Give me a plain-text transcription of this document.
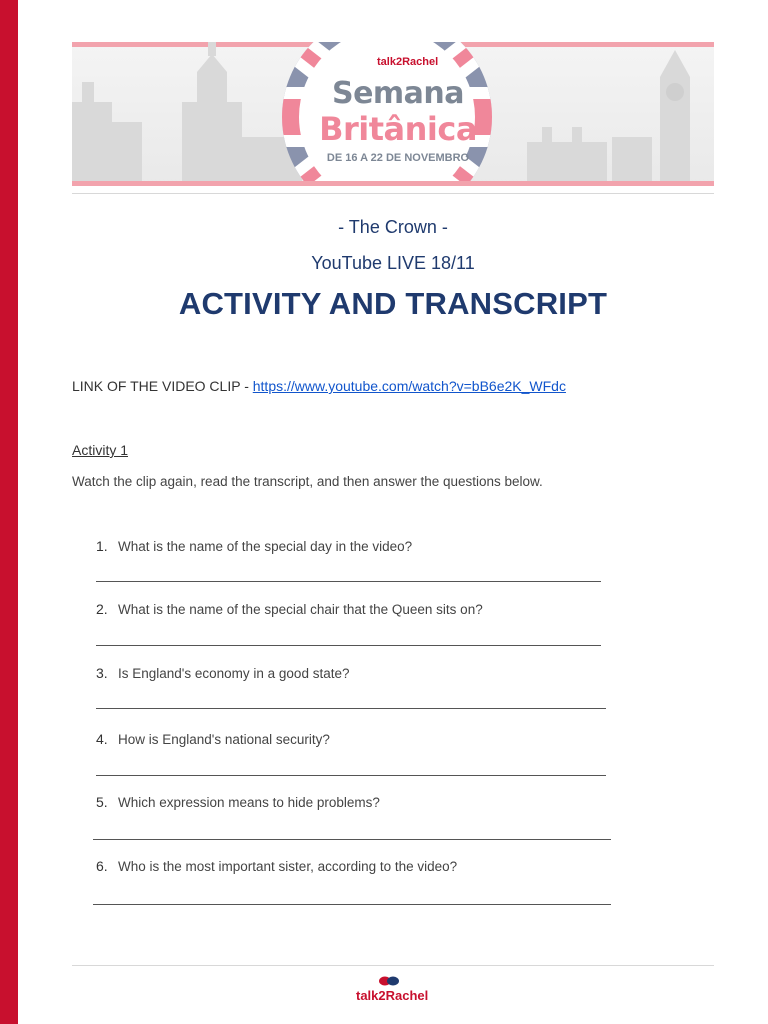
talk2Rachel
Semana
Britânica
DE 16 A 22 DE NOVEMBRO
- The Crown -
YouTube LIVE 18/11
ACTIVITY AND TRANSCRIPT
LINK OF THE VIDEO CLIP - https://www.youtube.com/watch?v=bB6e2K_WFdc
Activity 1
Watch the clip again, read the transcript, and then answer the questions below.
1. What is the name of the special day in the video?
2. What is the name of the special chair that the Queen sits on?
3. Is England's economy in a good state?
4. How is England's national security?
5. Which expression means to hide problems?
6. Who is the most important sister, according to the video?
talk2Rachel
